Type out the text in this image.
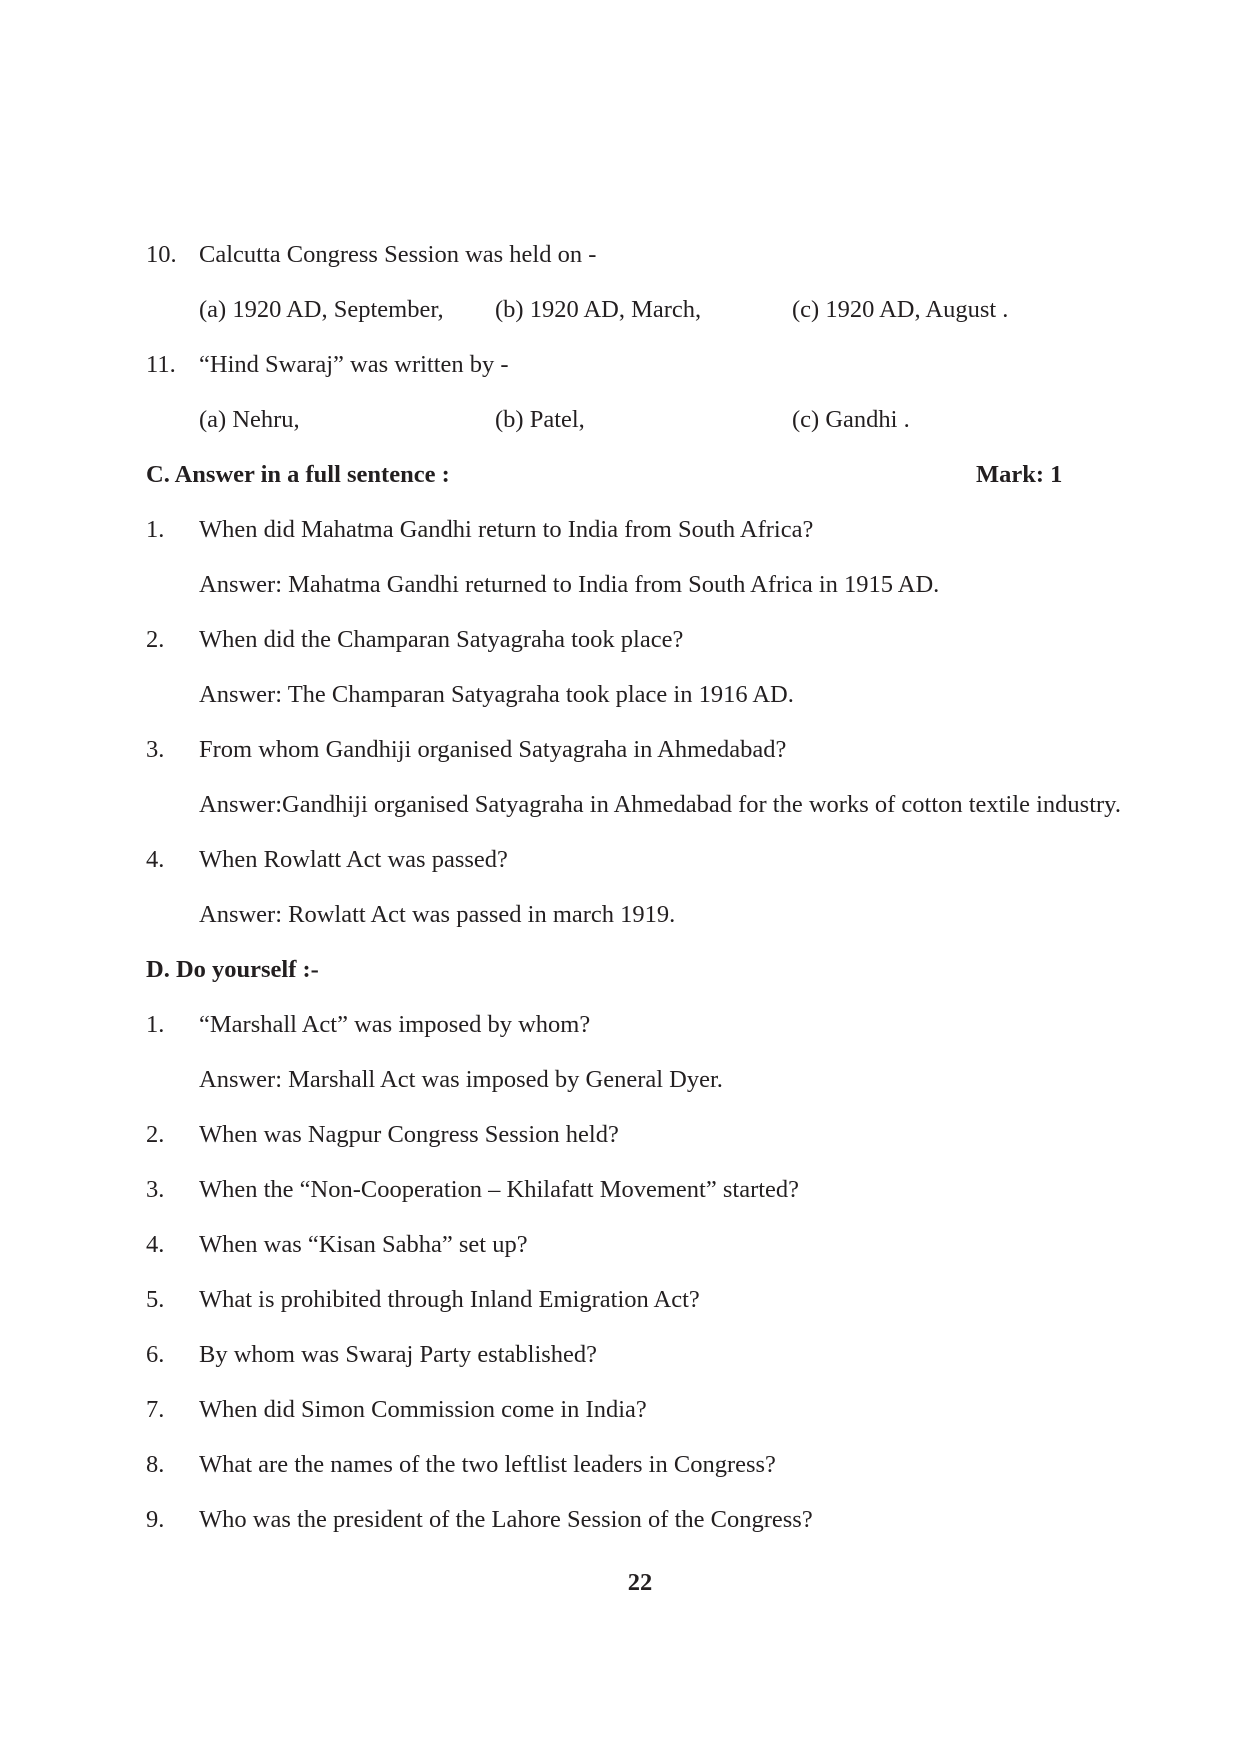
10. Calcutta Congress Session was held on -
(a) 1920 AD, September, (b) 1920 AD, March,	(c) 1920 AD, August .
11. “Hind Swaraj” was written by -
(a) Nehru,	(b) Patel,	(c) Gandhi .
C. Answer in a full sentence :	Mark: 1
1. When did Mahatma Gandhi return to India from South Africa?
Answer: Mahatma Gandhi returned to India from South Africa in 1915 AD.
2. When did the Champaran Satyagraha took place?
Answer: The Champaran Satyagraha took place in 1916 AD.
3. From whom Gandhiji organised Satyagraha in Ahmedabad?
Answer:Gandhiji organised Satyagraha in Ahmedabad for the works of cotton textile industry.
4. When Rowlatt Act was passed?
Answer: Rowlatt Act was passed in march 1919.
D. Do yourself :-
1. “Marshall Act” was imposed by whom?
Answer: Marshall Act was imposed by General Dyer.
2. When was Nagpur Congress Session held?
3. When the “Non-Cooperation – Khilafatt Movement” started?
4. When was “Kisan Sabha” set up?
5. What is prohibited through Inland Emigration Act?
6. By whom was Swaraj Party established?
7. When did Simon Commission come in India?
8. What are the names of the two leftlist leaders in Congress?
9. Who was the president of the Lahore Session of the Congress?
22
